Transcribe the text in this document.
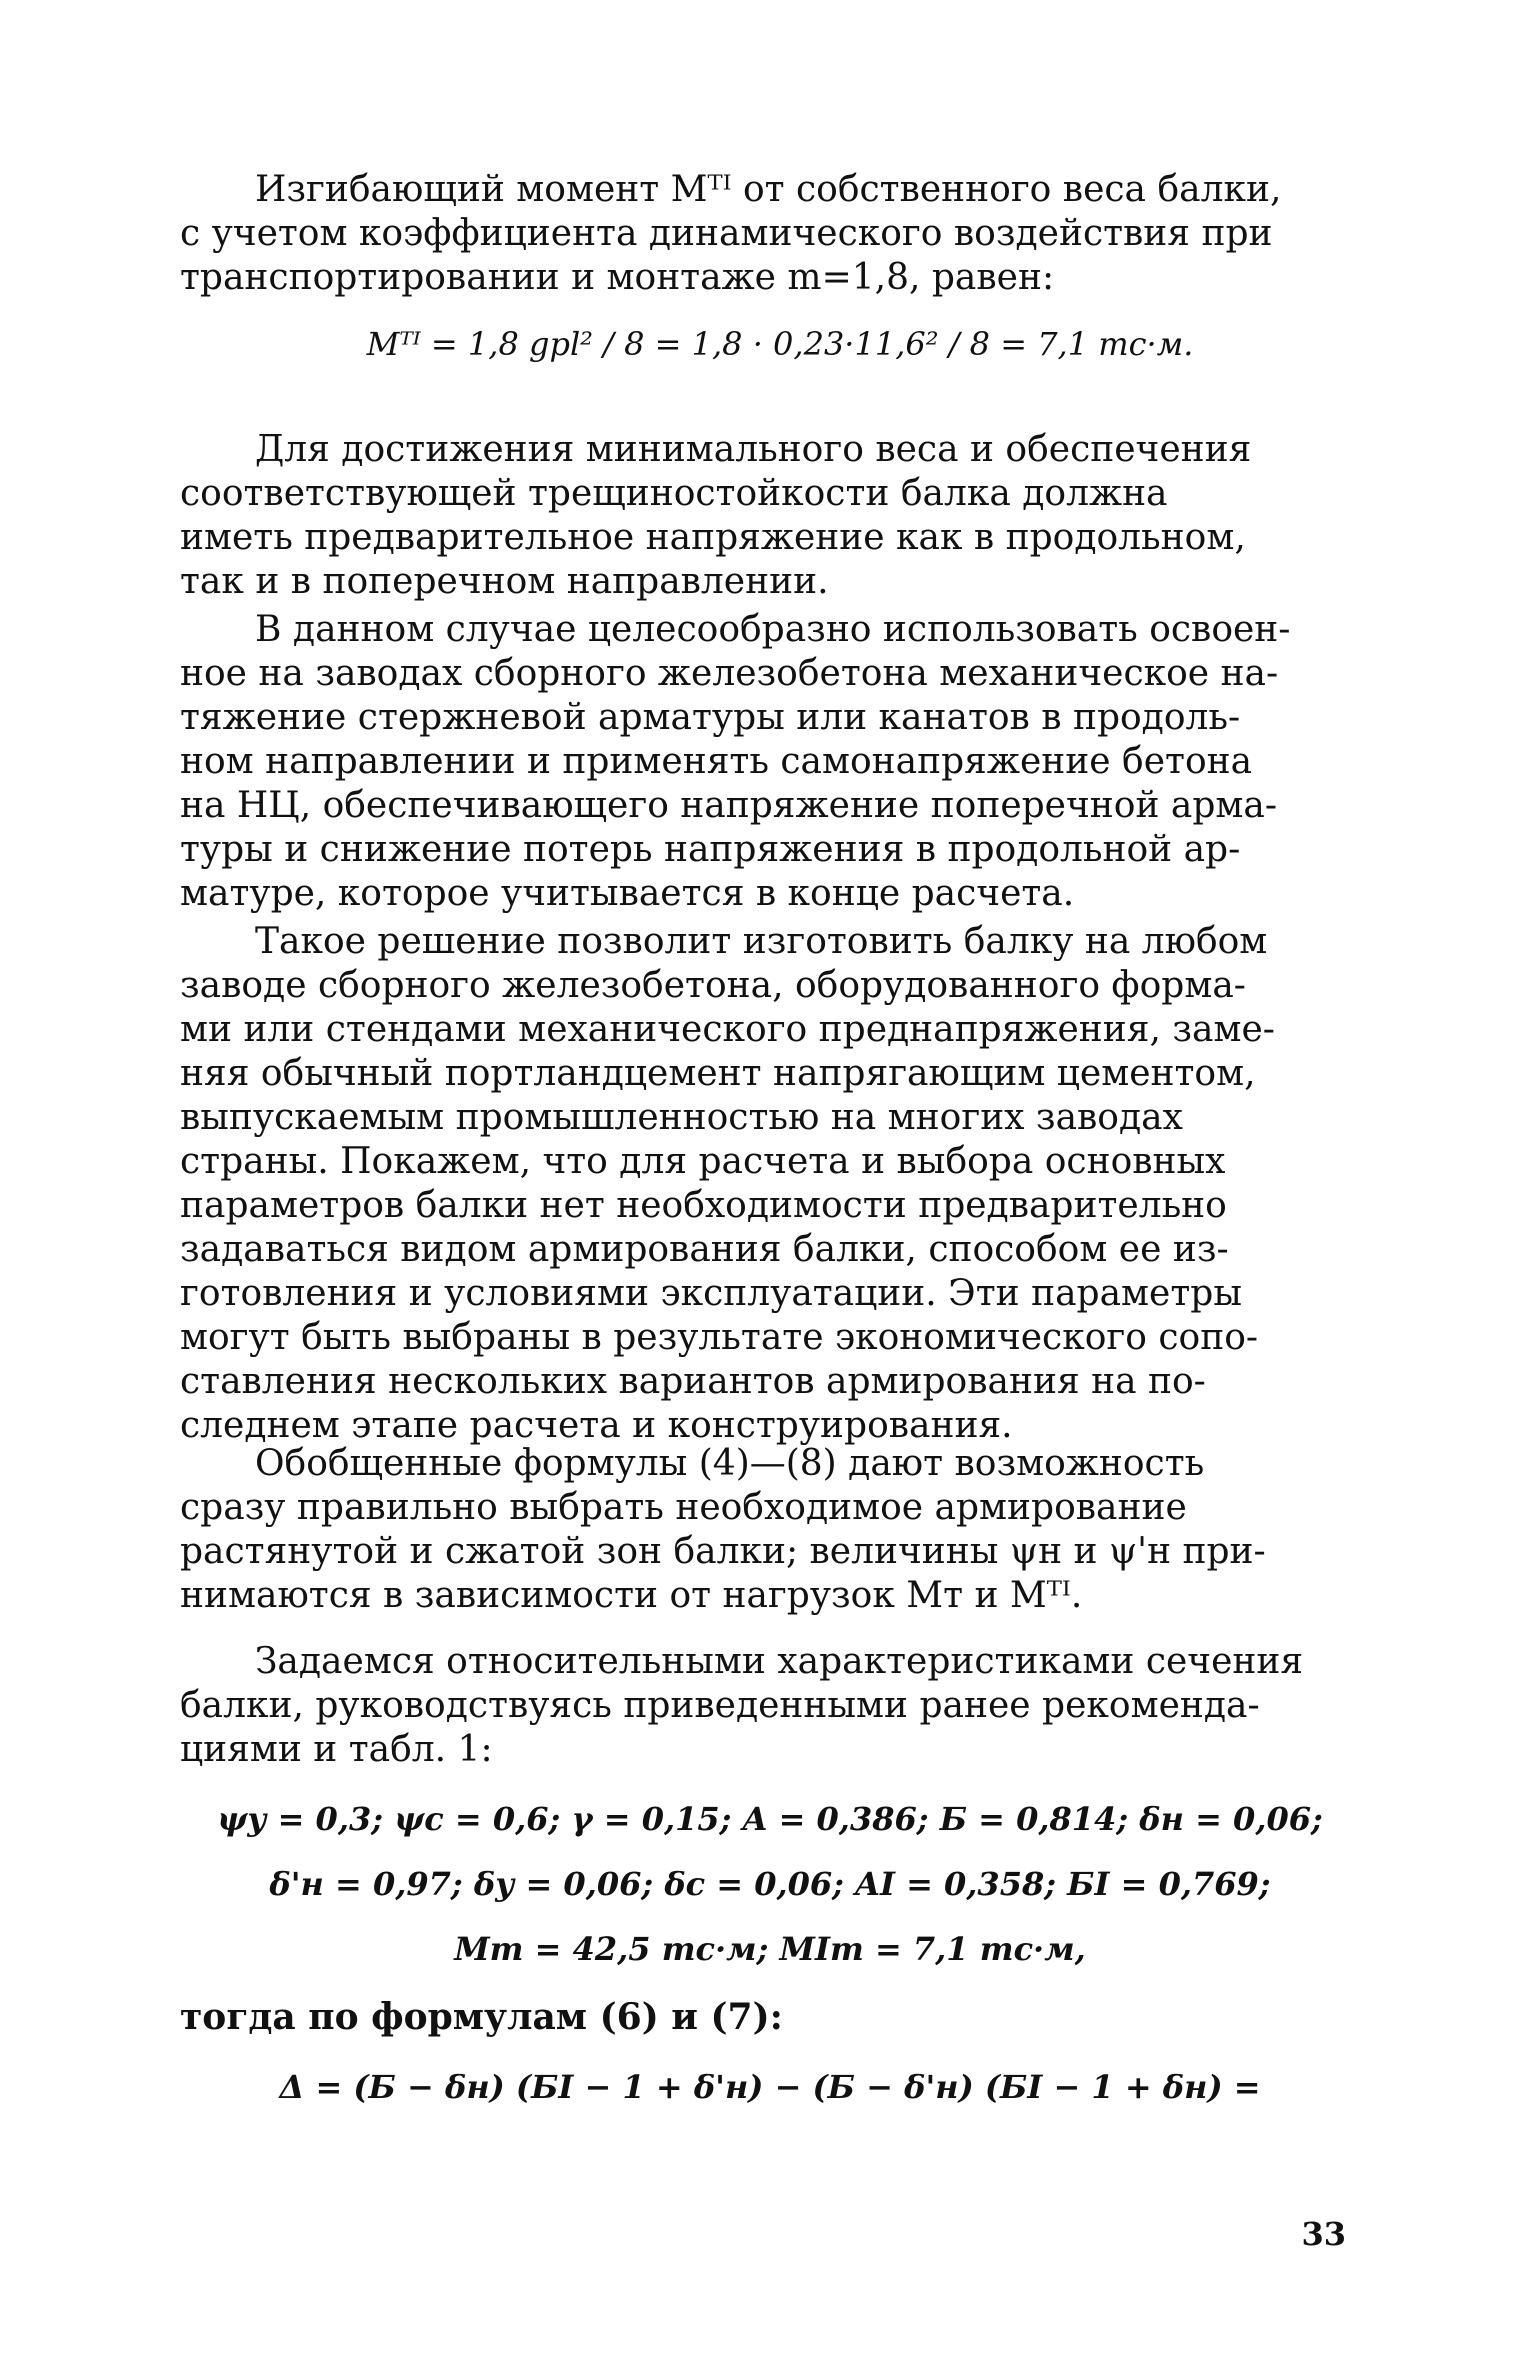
Изгибающий момент Mᵀᴵ от собственного веса балки,
с учетом коэффициента динамического воздействия при
транспортировании и монтаже m=1,8, равен:
Mᵀᴵ = 1,8 gpl² / 8 = 1,8 · 0,23·11,6² / 8 = 7,1 тс·м.
Для достижения минимального веса и обеспечения
соответствующей трещиностойкости балка должна
иметь предварительное напряжение как в продольном,
так и в поперечном направлении.
В данном случае целесообразно использовать освоен-
ное на заводах сборного железобетона механическое на-
тяжение стержневой арматуры или канатов в продоль-
ном направлении и применять самонапряжение бетона
на НЦ, обеспечивающего напряжение поперечной арма-
туры и снижение потерь напряжения в продольной ар-
матуре, которое учитывается в конце расчета.
Такое решение позволит изготовить балку на любом
заводе сборного железобетона, оборудованного форма-
ми или стендами механического преднапряжения, заме-
няя обычный портландцемент напрягающим цементом,
выпускаемым промышленностью на многих заводах
страны. Покажем, что для расчета и выбора основных
параметров балки нет необходимости предварительно
задаваться видом армирования балки, способом ее из-
готовления и условиями эксплуатации. Эти параметры
могут быть выбраны в результате экономического сопо-
ставления нескольких вариантов армирования на по-
следнем этапе расчета и конструирования.
Обобщенные формулы (4)—(8) дают возможность
сразу правильно выбрать необходимое армирование
растянутой и сжатой зон балки; величины ψн и ψ'н при-
нимаются в зависимости от нагрузок Mт и Mᵀᴵ.
Задаемся относительными характеристиками сечения
балки, руководствуясь приведенными ранее рекоменда-
циями и табл. 1:
ψу = 0,3; ψс = 0,6; γ = 0,15; A = 0,386; Б = 0,814; δн = 0,06;
δ'н = 0,97; δу = 0,06; δс = 0,06; AI = 0,358; БI = 0,769;
Mт = 42,5 тс·м; MIт = 7,1 тс·м,
тогда по формулам (6) и (7):
Δ = (Б − δн) (БI − 1 + δ'н) − (Б − δ'н) (БI − 1 + δн) =
33
